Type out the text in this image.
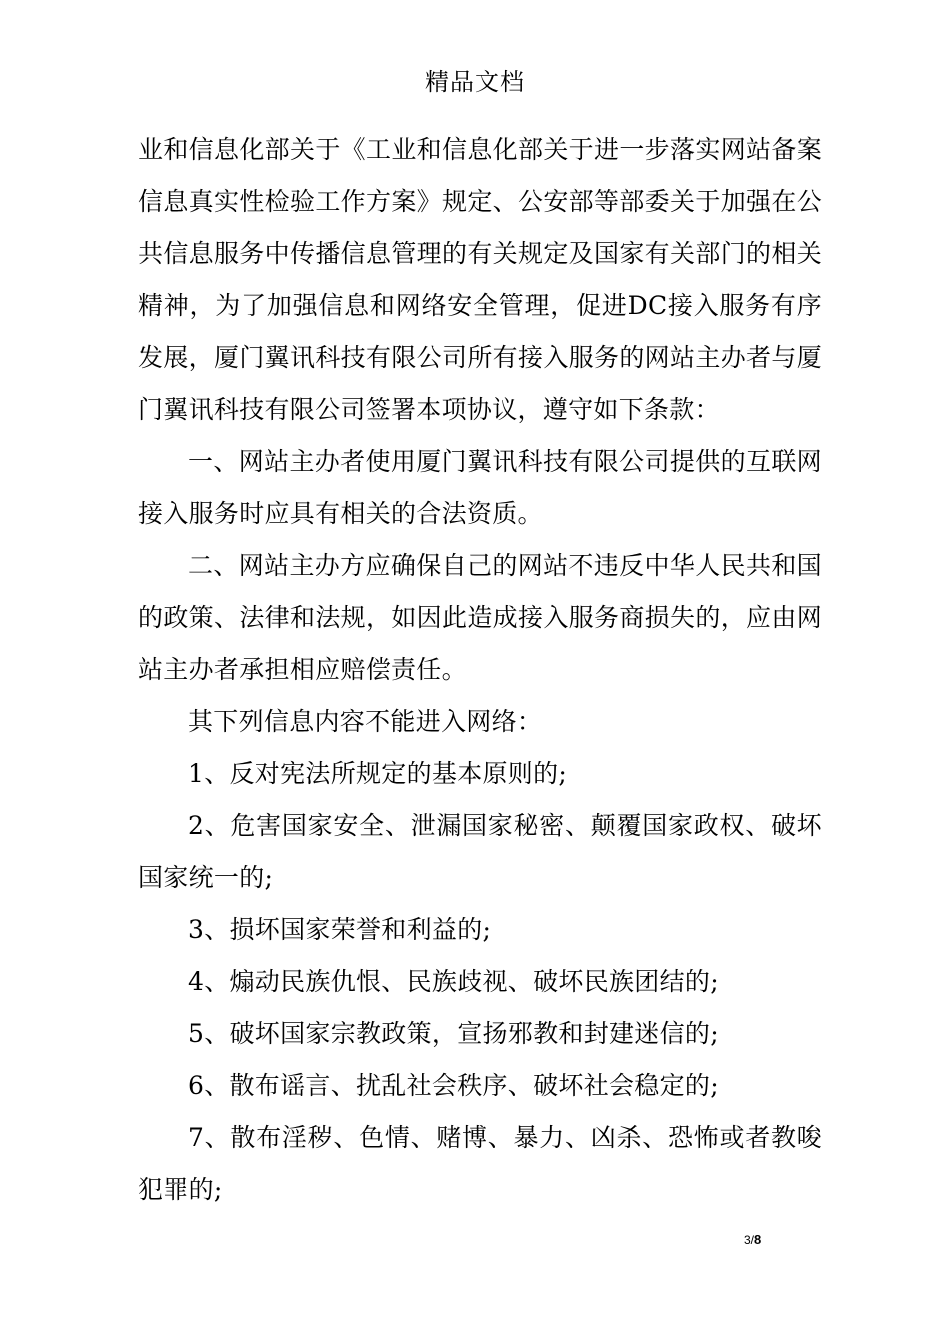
精品文档

业和信息化部关于《工业和信息化部关于进一步落实网站备案信息真实性检验工作方案》规定、公安部等部委关于加强在公共信息服务中传播信息管理的有关规定及国家有关部门的相关精神，为了加强信息和网络安全管理，促进DC接入服务有序发展，厦门翼讯科技有限公司所有接入服务的网站主办者与厦门翼讯科技有限公司签署本项协议，遵守如下条款：

一、网站主办者使用厦门翼讯科技有限公司提供的互联网接入服务时应具有相关的合法资质。

二、网站主办方应确保自己的网站不违反中华人民共和国的政策、法律和法规，如因此造成接入服务商损失的，应由网站主办者承担相应赔偿责任。

其下列信息内容不能进入网络：

1、反对宪法所规定的基本原则的;

2、危害国家安全、泄漏国家秘密、颠覆国家政权、破坏国家统一的;

3、损坏国家荣誉和利益的;

4、煽动民族仇恨、民族歧视、破坏民族团结的;

5、破坏国家宗教政策，宣扬邪教和封建迷信的;

6、散布谣言、扰乱社会秩序、破坏社会稳定的;

7、散布淫秽、色情、赌博、暴力、凶杀、恐怖或者教唆犯罪的;

3/8
